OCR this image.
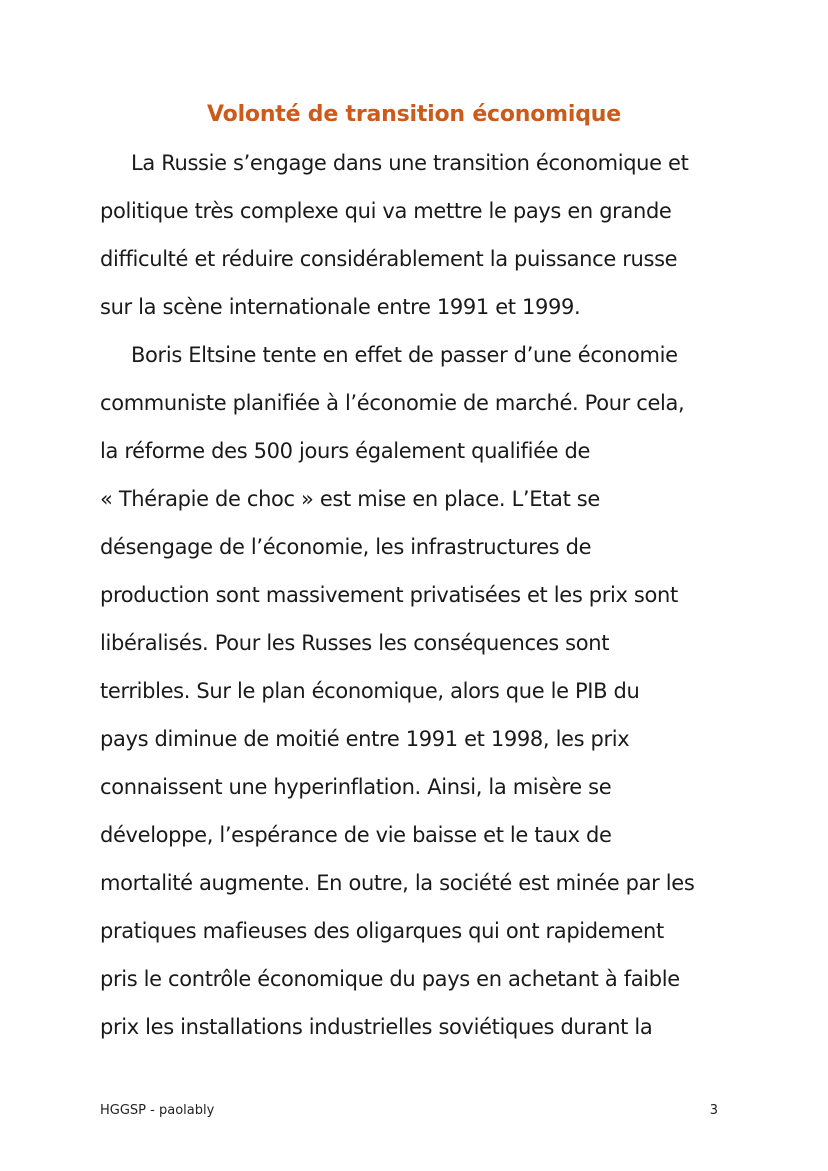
Volonté de transition économique
La Russie s’engage dans une transition économique et
politique très complexe qui va mettre le pays en grande
difficulté et réduire considérablement la puissance russe
sur la scène internationale entre 1991 et 1999.
Boris Eltsine tente en effet de passer d’une économie
communiste planifiée à l’économie de marché. Pour cela,
la réforme des 500 jours également qualifiée de
« Thérapie de choc » est mise en place. L’Etat se
désengage de l’économie, les infrastructures de
production sont massivement privatisées et les prix sont
libéralisés. Pour les Russes les conséquences sont
terribles. Sur le plan économique, alors que le PIB du
pays diminue de moitié entre 1991 et 1998, les prix
connaissent une hyperinflation. Ainsi, la misère se
développe, l’espérance de vie baisse et le taux de
mortalité augmente. En outre, la société est minée par les
pratiques mafieuses des oligarques qui ont rapidement
pris le contrôle économique du pays en achetant à faible
prix les installations industrielles soviétiques durant la
HGGSP - paolably	3
